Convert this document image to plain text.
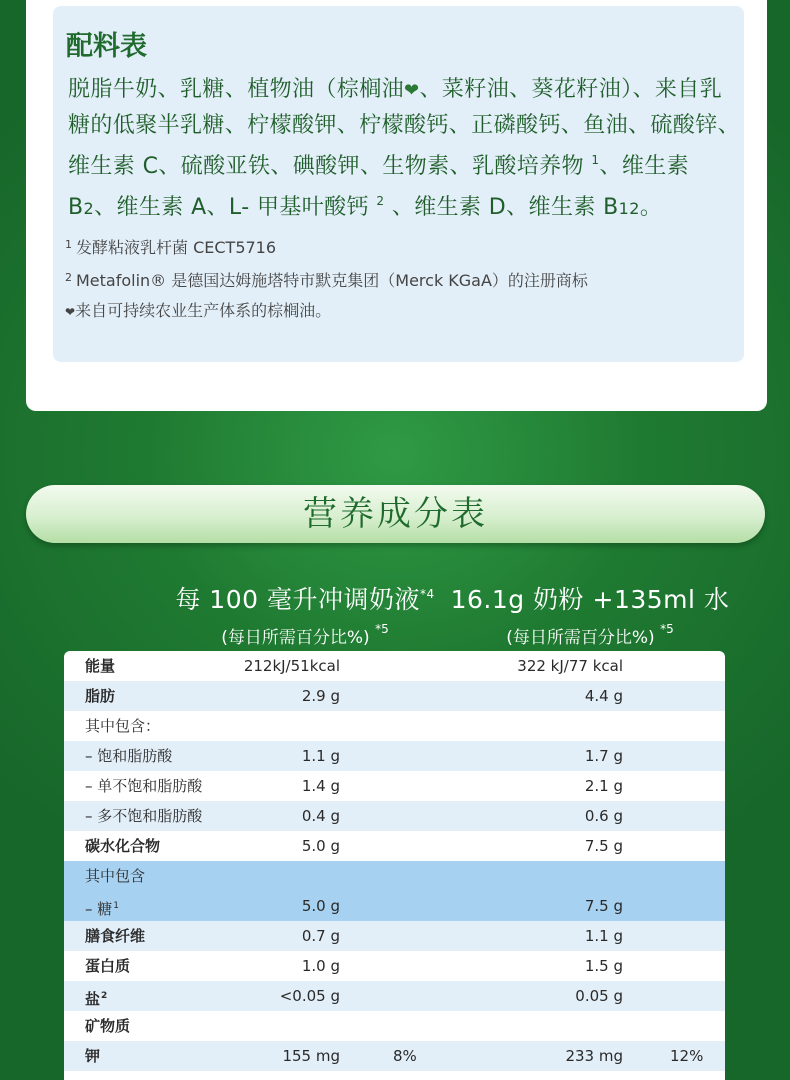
配料表
脱脂牛奶、乳糖、植物油（棕榈油❤、菜籽油、葵花籽油）、来自乳糖的低聚半乳糖、柠檬酸钾、柠檬酸钙、正磷酸钙、鱼油、硫酸锌、维生素 C、硫酸亚铁、碘酸钾、生物素、乳酸培养物 $^1$、维生素 B2、维生素 A、L- 甲基叶酸钙 $^2$ 、维生素 D、维生素 B12。
$^1$ 发酵粘液乳杆菌 CECT5716
$^2$ Metafolin® 是德国达姆施塔特市默克集团（Merck KGaA）的注册商标
❤来自可持续农业生产体系的棕榈油。
营养成分表
每 100 毫升冲调奶液$^{*4}$
(每日所需百分比%) $^{*5}$
16.1g 奶粉 +135ml 水
(每日所需百分比%) $^{*5}$
能量	212kJ/51kcal	322 kJ/77 kcal
脂肪	2.9 g	4.4 g
其中包含：
– 饱和脂肪酸	1.1 g	1.7 g
– 单不饱和脂肪酸	1.4 g	2.1 g
– 多不饱和脂肪酸	0.4 g	0.6 g
碳水化合物	5.0 g	7.5 g
其中包含
– 糖$^1$	5.0 g	7.5 g
膳食纤维	0.7 g	1.1 g
蛋白质	1.0 g	1.5 g
盐$^2$	<0.05 g	0.05 g
矿物质
钾	155 mg	8%	233 mg	12%
